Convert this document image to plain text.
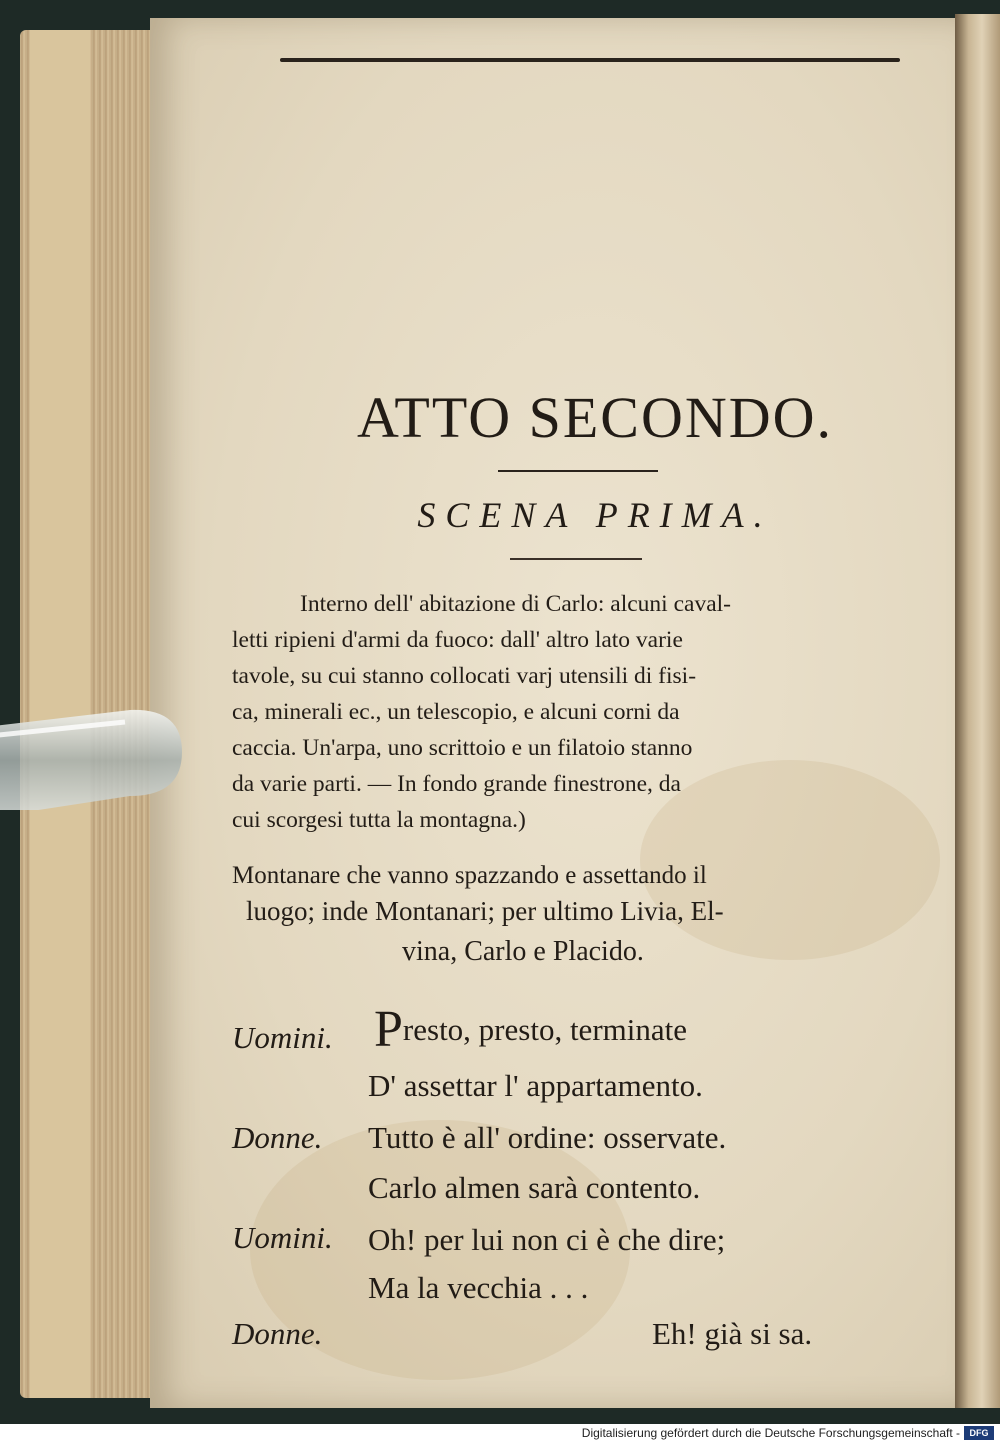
ATTO SECONDO.
SCENA PRIMA.
Interno dell' abitazione di Carlo: alcuni caval-
letti ripieni d'armi da fuoco: dall' altro lato varie
tavole, su cui stanno collocati varj utensili di fisi-
ca, minerali ec., un telescopio, e alcuni corni da
caccia. Un'arpa, uno scrittoio e un filatoio stanno
da varie parti. — In fondo grande finestrone, da
cui scorgesi tutta la montagna.)
Montanare che vanno spazzando e assettando il
luogo; inde Montanari; per ultimo Livia, El-
vina, Carlo e Placido.
Uomini. Presto, presto, terminate
D' assettar l' appartamento.
Donne. Tutto è all' ordine: osservate.
Carlo almen sarà contento.
Uomini. Oh! per lui non ci è che dire;
Ma la vecchia . . .
Donne.	Eh! già si sa.
Digitalisierung gefördert durch die Deutsche Forschungsgemeinschaft -	DFG
